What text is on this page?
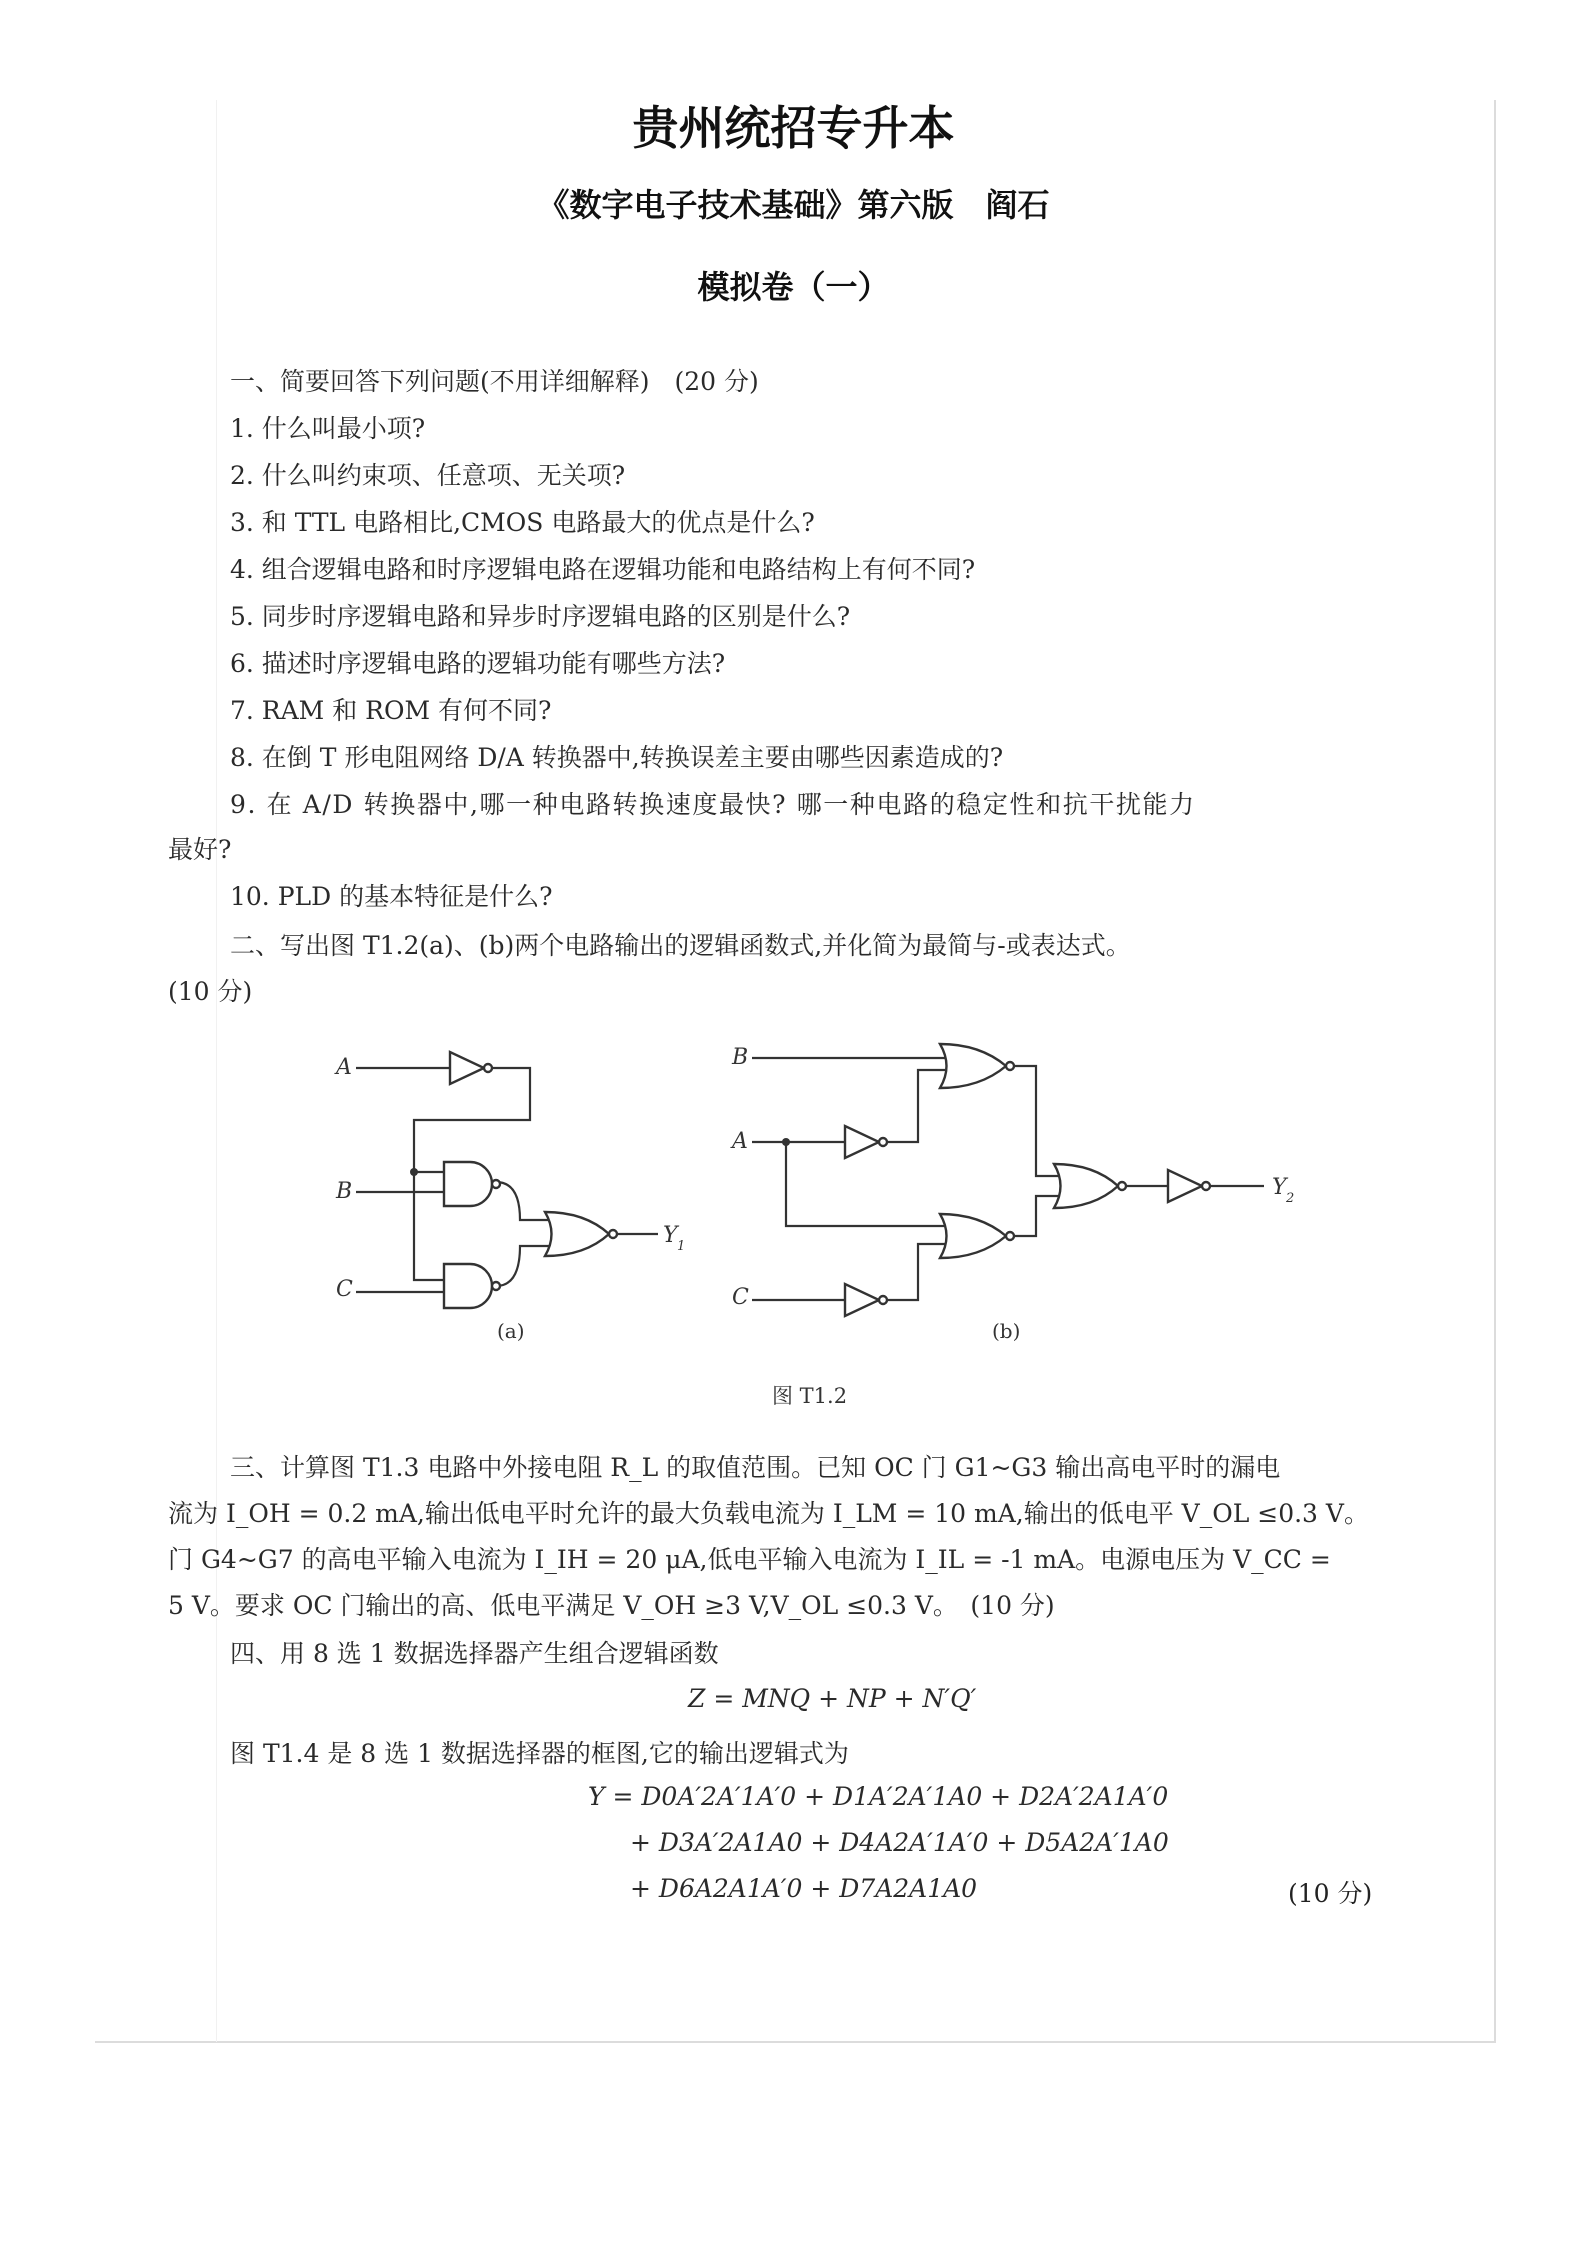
贵州统招专升本
《数字电子技术基础》第六版　阎石
模拟卷（一）
一、简要回答下列问题(不用详细解释)　(20 分)
1. 什么叫最小项?
2. 什么叫约束项、任意项、无关项?
3. 和 TTL 电路相比,CMOS 电路最大的优点是什么?
4. 组合逻辑电路和时序逻辑电路在逻辑功能和电路结构上有何不同?
5. 同步时序逻辑电路和异步时序逻辑电路的区别是什么?
6. 描述时序逻辑电路的逻辑功能有哪些方法?
7. RAM 和 ROM 有何不同?
8. 在倒 T 形电阻网络 D/A 转换器中,转换误差主要由哪些因素造成的?
9. 在 A/D 转换器中,哪一种电路转换速度最快? 哪一种电路的稳定性和抗干扰能力
最好?
10. PLD 的基本特征是什么?
二、写出图 T1.2(a)、(b)两个电路输出的逻辑函数式,并化简为最简与-或表达式。
(10 分)
A
B
C
Y 1
(a)
B
A
C
Y 2
(b)
图 T1.2
三、计算图 T1.3 电路中外接电阻 R_L 的取值范围。已知 OC 门 G1~G3 输出高电平时的漏电
流为 I_OH = 0.2 mA,输出低电平时允许的最大负载电流为 I_LM = 10 mA,输出的低电平 V_OL ≤0.3 V。
门 G4~G7 的高电平输入电流为 I_IH = 20 μA,低电平输入电流为 I_IL = -1 mA。电源电压为 V_CC =
5 V。要求 OC 门输出的高、低电平满足 V_OH ≥3 V,V_OL ≤0.3 V。　(10 分)
四、用 8 选 1 数据选择器产生组合逻辑函数
Z = MNQ + NP + N′Q′
图 T1.4 是 8 选 1 数据选择器的框图,它的输出逻辑式为
Y = D0A′2A′1A′0 + D1A′2A′1A0 + D2A′2A1A′0
+ D3A′2A1A0 + D4A2A′1A′0 + D5A2A′1A0
+ D6A2A1A′0 + D7A2A1A0	(10 分)
